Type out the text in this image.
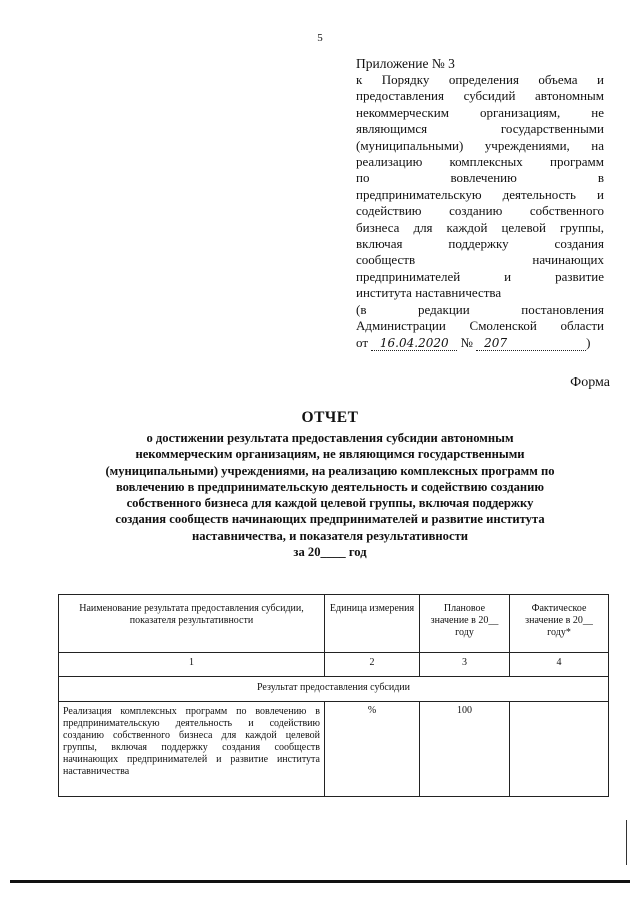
5
Приложение № 3
к Порядку определения объема и
предоставления субсидий автономным
некоммерческим организациям, не
являющимся государственными
(муниципальными) учреждениями, на
реализацию комплексных программ
по вовлечению в
предпринимательскую деятельность и
содействию созданию собственного
бизнеса для каждой целевой группы,
включая поддержку создания
сообществ начинающих
предпринимателей и развитие
института наставничества
(в редакции постановления
Администрации Смоленской области
от 16.04.2020 № 207	)
Форма
ОТЧЕТ
о достижении результата предоставления субсидии автономным
некоммерческим организациям, не являющимся государственными
(муниципальными) учреждениями, на реализацию комплексных программ по
вовлечению в предпринимательскую деятельность и содействию созданию
собственного бизнеса для каждой целевой группы, включая поддержку
создания сообществ начинающих предпринимателей и развитие института
наставничества, и показателя результативности
за 20____ год
Наименование результата предоставления субсидии, показателя результативности	Единица измерения	Плановое значение в 20__ году	Фактическое значение в 20__ году*
1	2	3	4
Результат предоставления субсидии			
Реализация комплексных программ по вовлечению в предпринимательскую деятельность и содействию созданию собственного бизнеса для каждой целевой группы, включая поддержку создания сообществ начинающих предпринимателей и развитие института наставничества	%	100	
